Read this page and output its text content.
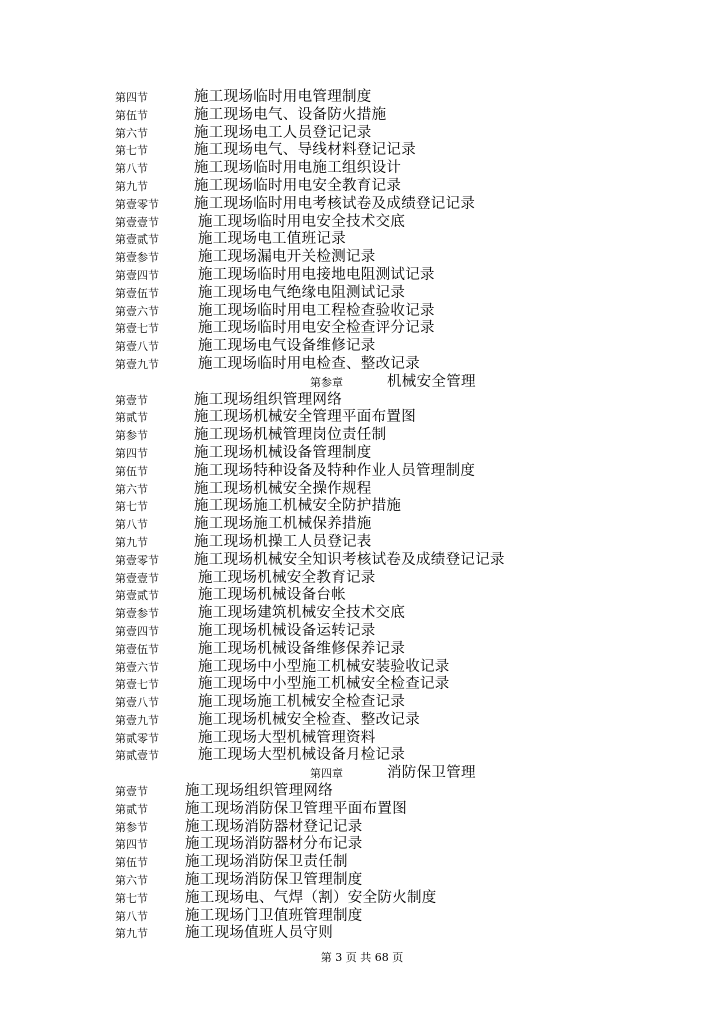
第四节	施工现场临时用电管理制度
第伍节	施工现场电气、设备防火措施
第六节	施工现场电工人员登记记录
第七节	施工现场电气、导线材料登记记录
第八节	施工现场临时用电施工组织设计
第九节	施工现场临时用电安全教育记录
第壹零节 施工现场临时用电考核试卷及成绩登记记录
第壹壹节	施工现场临时用电安全技术交底
第壹贰节	施工现场电工值班记录
第壹参节	施工现场漏电开关检测记录
第壹四节	施工现场临时用电接地电阻测试记录
第壹伍节	施工现场电气绝缘电阻测试记录
第壹六节	施工现场临时用电工程检查验收记录
第壹七节	施工现场临时用电安全检查评分记录
第壹八节	施工现场电气设备维修记录
第壹九节	施工现场临时用电检查、整改记录
第参章	机械安全管理
第壹节	施工现场组织管理网络
第贰节	施工现场机械安全管理平面布置图
第参节	施工现场机械管理岗位责任制
第四节	施工现场机械设备管理制度
第伍节	施工现场特种设备及特种作业人员管理制度
第六节	施工现场机械安全操作规程
第七节	施工现场施工机械安全防护措施
第八节	施工现场施工机械保养措施
第九节	施工现场机操工人员登记表
第壹零节 施工现场机械安全知识考核试卷及成绩登记记录
第壹壹节	施工现场机械安全教育记录
第壹贰节	施工现场机械设备台帐
第壹参节	施工现场建筑机械安全技术交底
第壹四节	施工现场机械设备运转记录
第壹伍节	施工现场机械设备维修保养记录
第壹六节	施工现场中小型施工机械安装验收记录
第壹七节	施工现场中小型施工机械安全检查记录
第壹八节	施工现场施工机械安全检查记录
第壹九节	施工现场机械安全检查、整改记录
第贰零节	施工现场大型机械管理资料
第贰壹节	施工现场大型机械设备月检记录
第四章	消防保卫管理
第壹节	施工现场组织管理网络
第贰节	施工现场消防保卫管理平面布置图
第参节	施工现场消防器材登记记录
第四节	施工现场消防器材分布记录
第伍节	施工现场消防保卫责任制
第六节	施工现场消防保卫管理制度
第七节	施工现场电、气焊（割）安全防火制度
第八节	施工现场门卫值班管理制度
第九节	施工现场值班人员守则
第 3 页 共 68 页
